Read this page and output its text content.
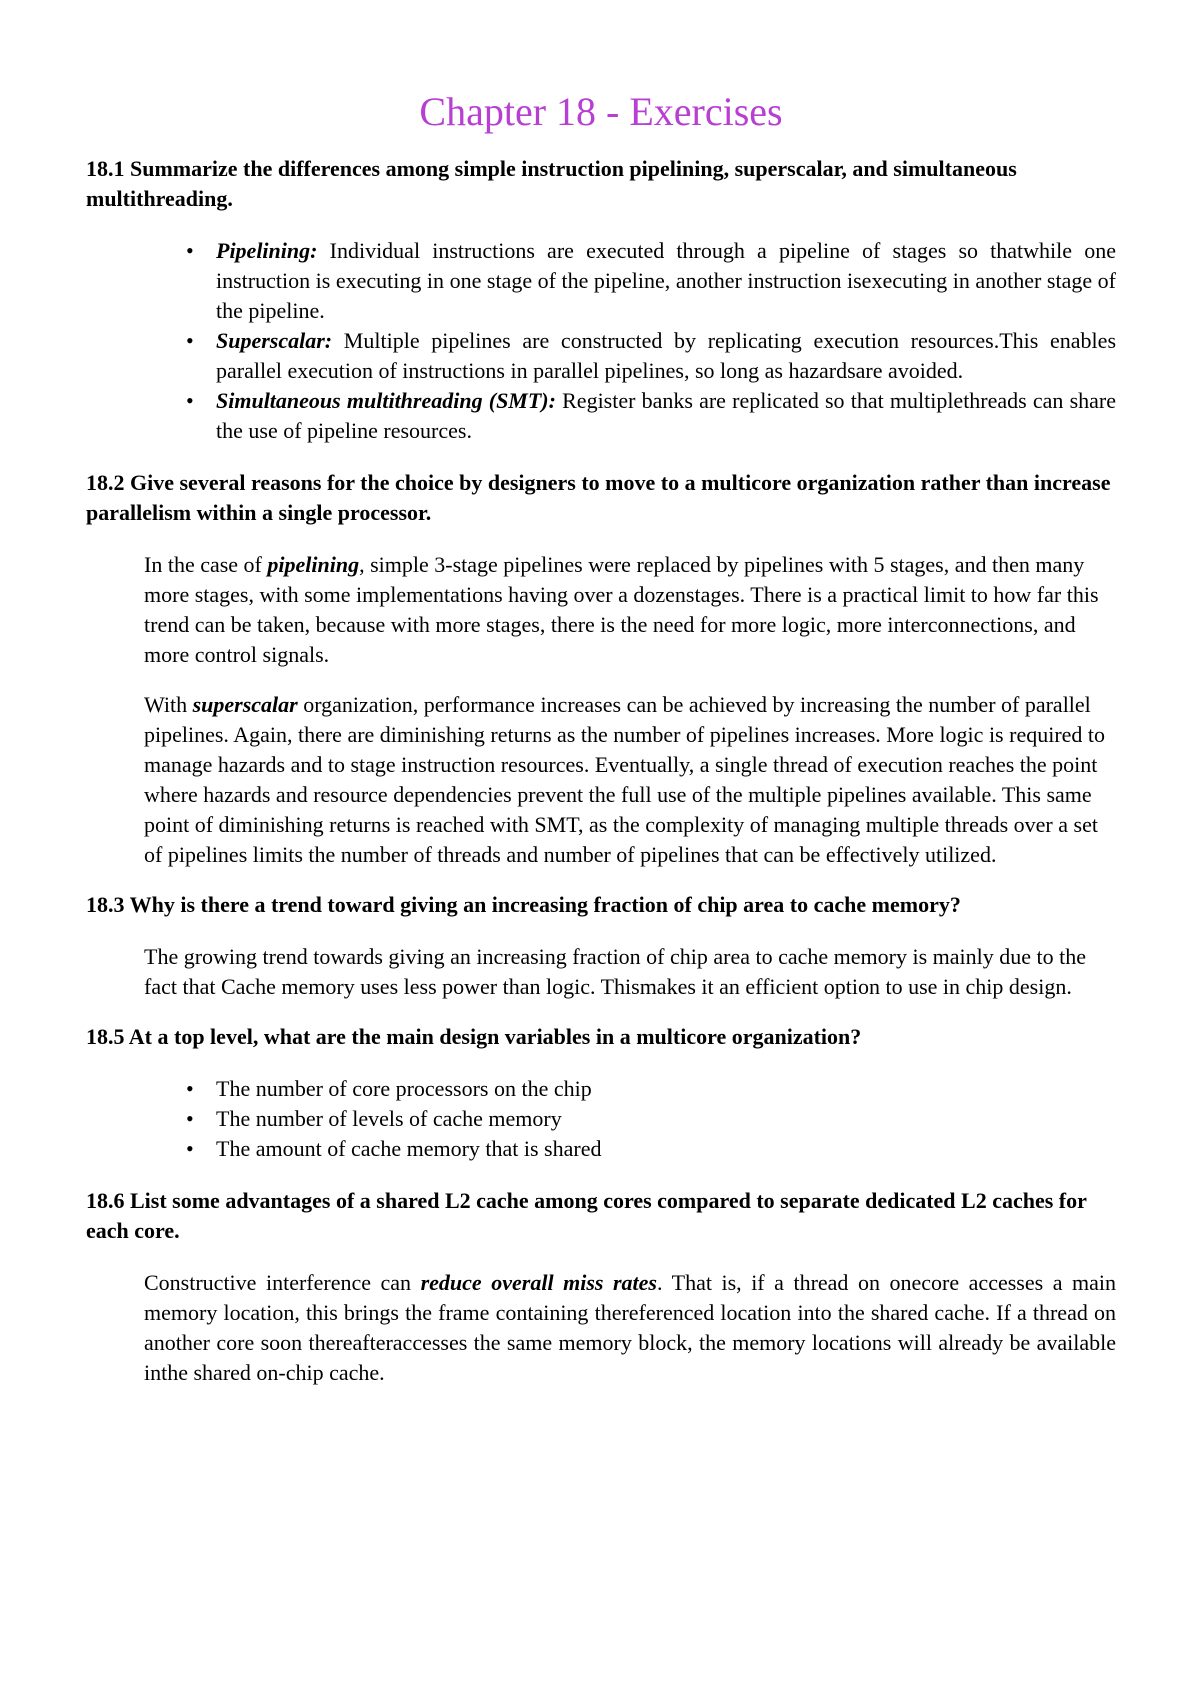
Chapter 18 - Exercises
18.1 Summarize the differences among simple instruction pipelining, superscalar, and simultaneous multithreading.
• Pipelining: Individual instructions are executed through a pipeline of stages so thatwhile one instruction is executing in one stage of the pipeline, another instruction isexecuting in another stage of the pipeline.
• Superscalar: Multiple pipelines are constructed by replicating execution resources.This enables parallel execution of instructions in parallel pipelines, so long as hazardsare avoided.
• Simultaneous multithreading (SMT): Register banks are replicated so that multiplethreads can share the use of pipeline resources.
18.2 Give several reasons for the choice by designers to move to a multicore organization rather than increase parallelism within a single processor.

In the case of pipelining, simple 3-stage pipelines were replaced by pipelines with 5 stages, and then many more stages, with some implementations having over a dozenstages. There is a practical limit to how far this trend can be taken, because with more stages, there is the need for more logic, more interconnections, and more control signals.

With superscalar organization, performance increases can be achieved by increasing the number of parallel pipelines. Again, there are diminishing returns as the number of pipelines increases. More logic is required to manage hazards and to stage instruction resources. Eventually, a single thread of execution reaches the point where hazards and resource dependencies prevent the full use of the multiple pipelines available. This same point of diminishing returns is reached with SMT, as the complexity of managing multiple threads over a set of pipelines limits the number of threads and number of pipelines that can be effectively utilized.

18.3 Why is there a trend toward giving an increasing fraction of chip area to cache memory?

The growing trend towards giving an increasing fraction of chip area to cache memory is mainly due to the fact that Cache memory uses less power than logic. Thismakes it an efficient option to use in chip design.

18.5 At a top level, what are the main design variables in a multicore organization?
• The number of core processors on the chip
• The number of levels of cache memory
• The amount of cache memory that is shared
18.6 List some advantages of a shared L2 cache among cores compared to separate dedicated L2 caches for each core.

Constructive interference can reduce overall miss rates. That is, if a thread on onecore accesses a main memory location, this brings the frame containing thereferenced location into the shared cache. If a thread on another core soon thereafteraccesses the same memory block, the memory locations will already be available inthe shared on-chip cache.
